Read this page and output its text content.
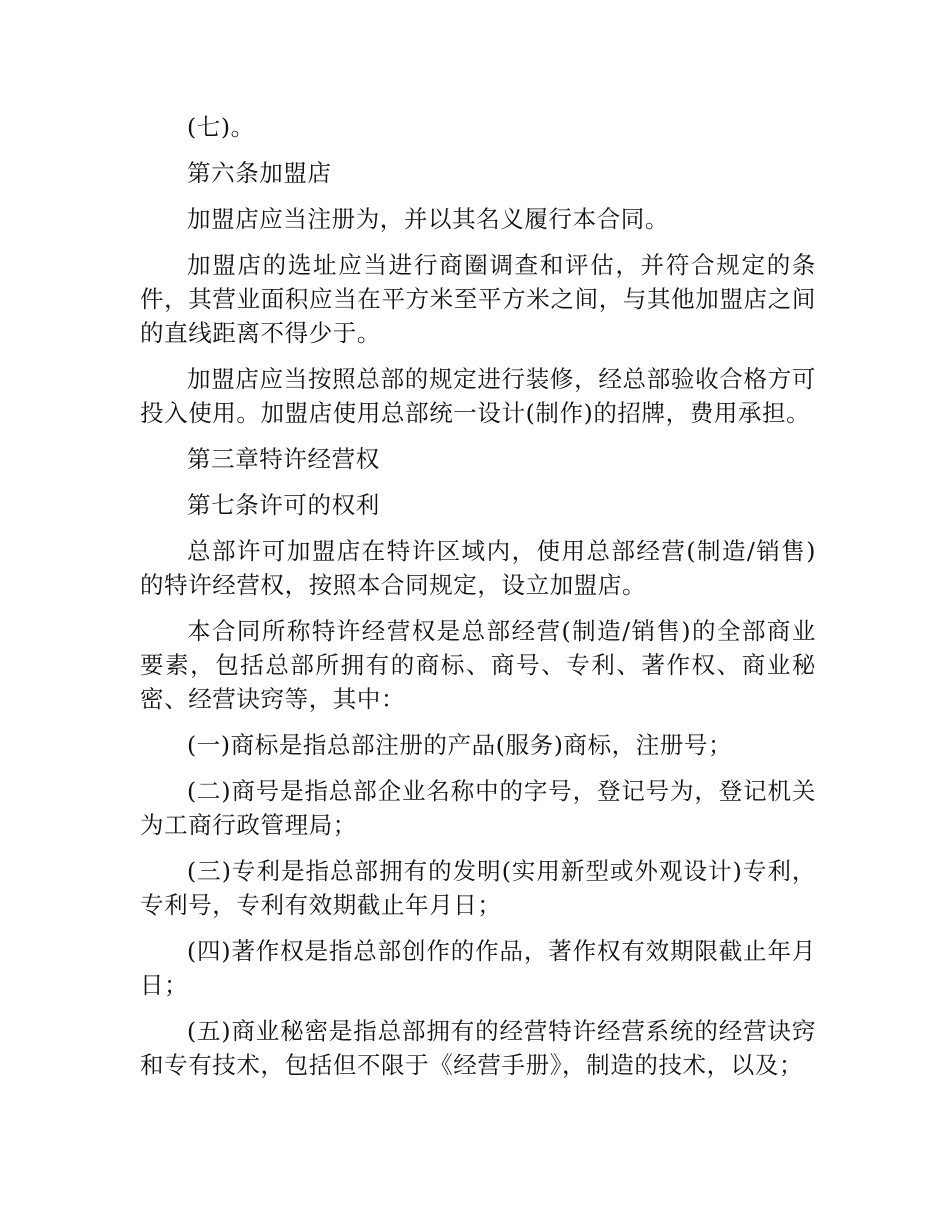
(七)。

第六条加盟店

加盟店应当注册为，并以其名义履行本合同。

加盟店的选址应当进行商圈调查和评估，并符合规定的条件，其营业面积应当在平方米至平方米之间，与其他加盟店之间的直线距离不得少于。

加盟店应当按照总部的规定进行装修，经总部验收合格方可投入使用。加盟店使用总部统一设计(制作)的招牌，费用承担。

第三章特许经营权

第七条许可的权利

总部许可加盟店在特许区域内，使用总部经营(制造/销售)的特许经营权，按照本合同规定，设立加盟店。

本合同所称特许经营权是总部经营(制造/销售)的全部商业要素，包括总部所拥有的商标、商号、专利、著作权、商业秘密、经营诀窍等，其中：

(一)商标是指总部注册的产品(服务)商标，注册号；

(二)商号是指总部企业名称中的字号，登记号为，登记机关为工商行政管理局；

(三)专利是指总部拥有的发明(实用新型或外观设计)专利，专利号，专利有效期截止年月日；

(四)著作权是指总部创作的作品，著作权有效期限截止年月日；

(五)商业秘密是指总部拥有的经营特许经营系统的经营诀窍和专有技术，包括但不限于《经营手册》，制造的技术，以及；
